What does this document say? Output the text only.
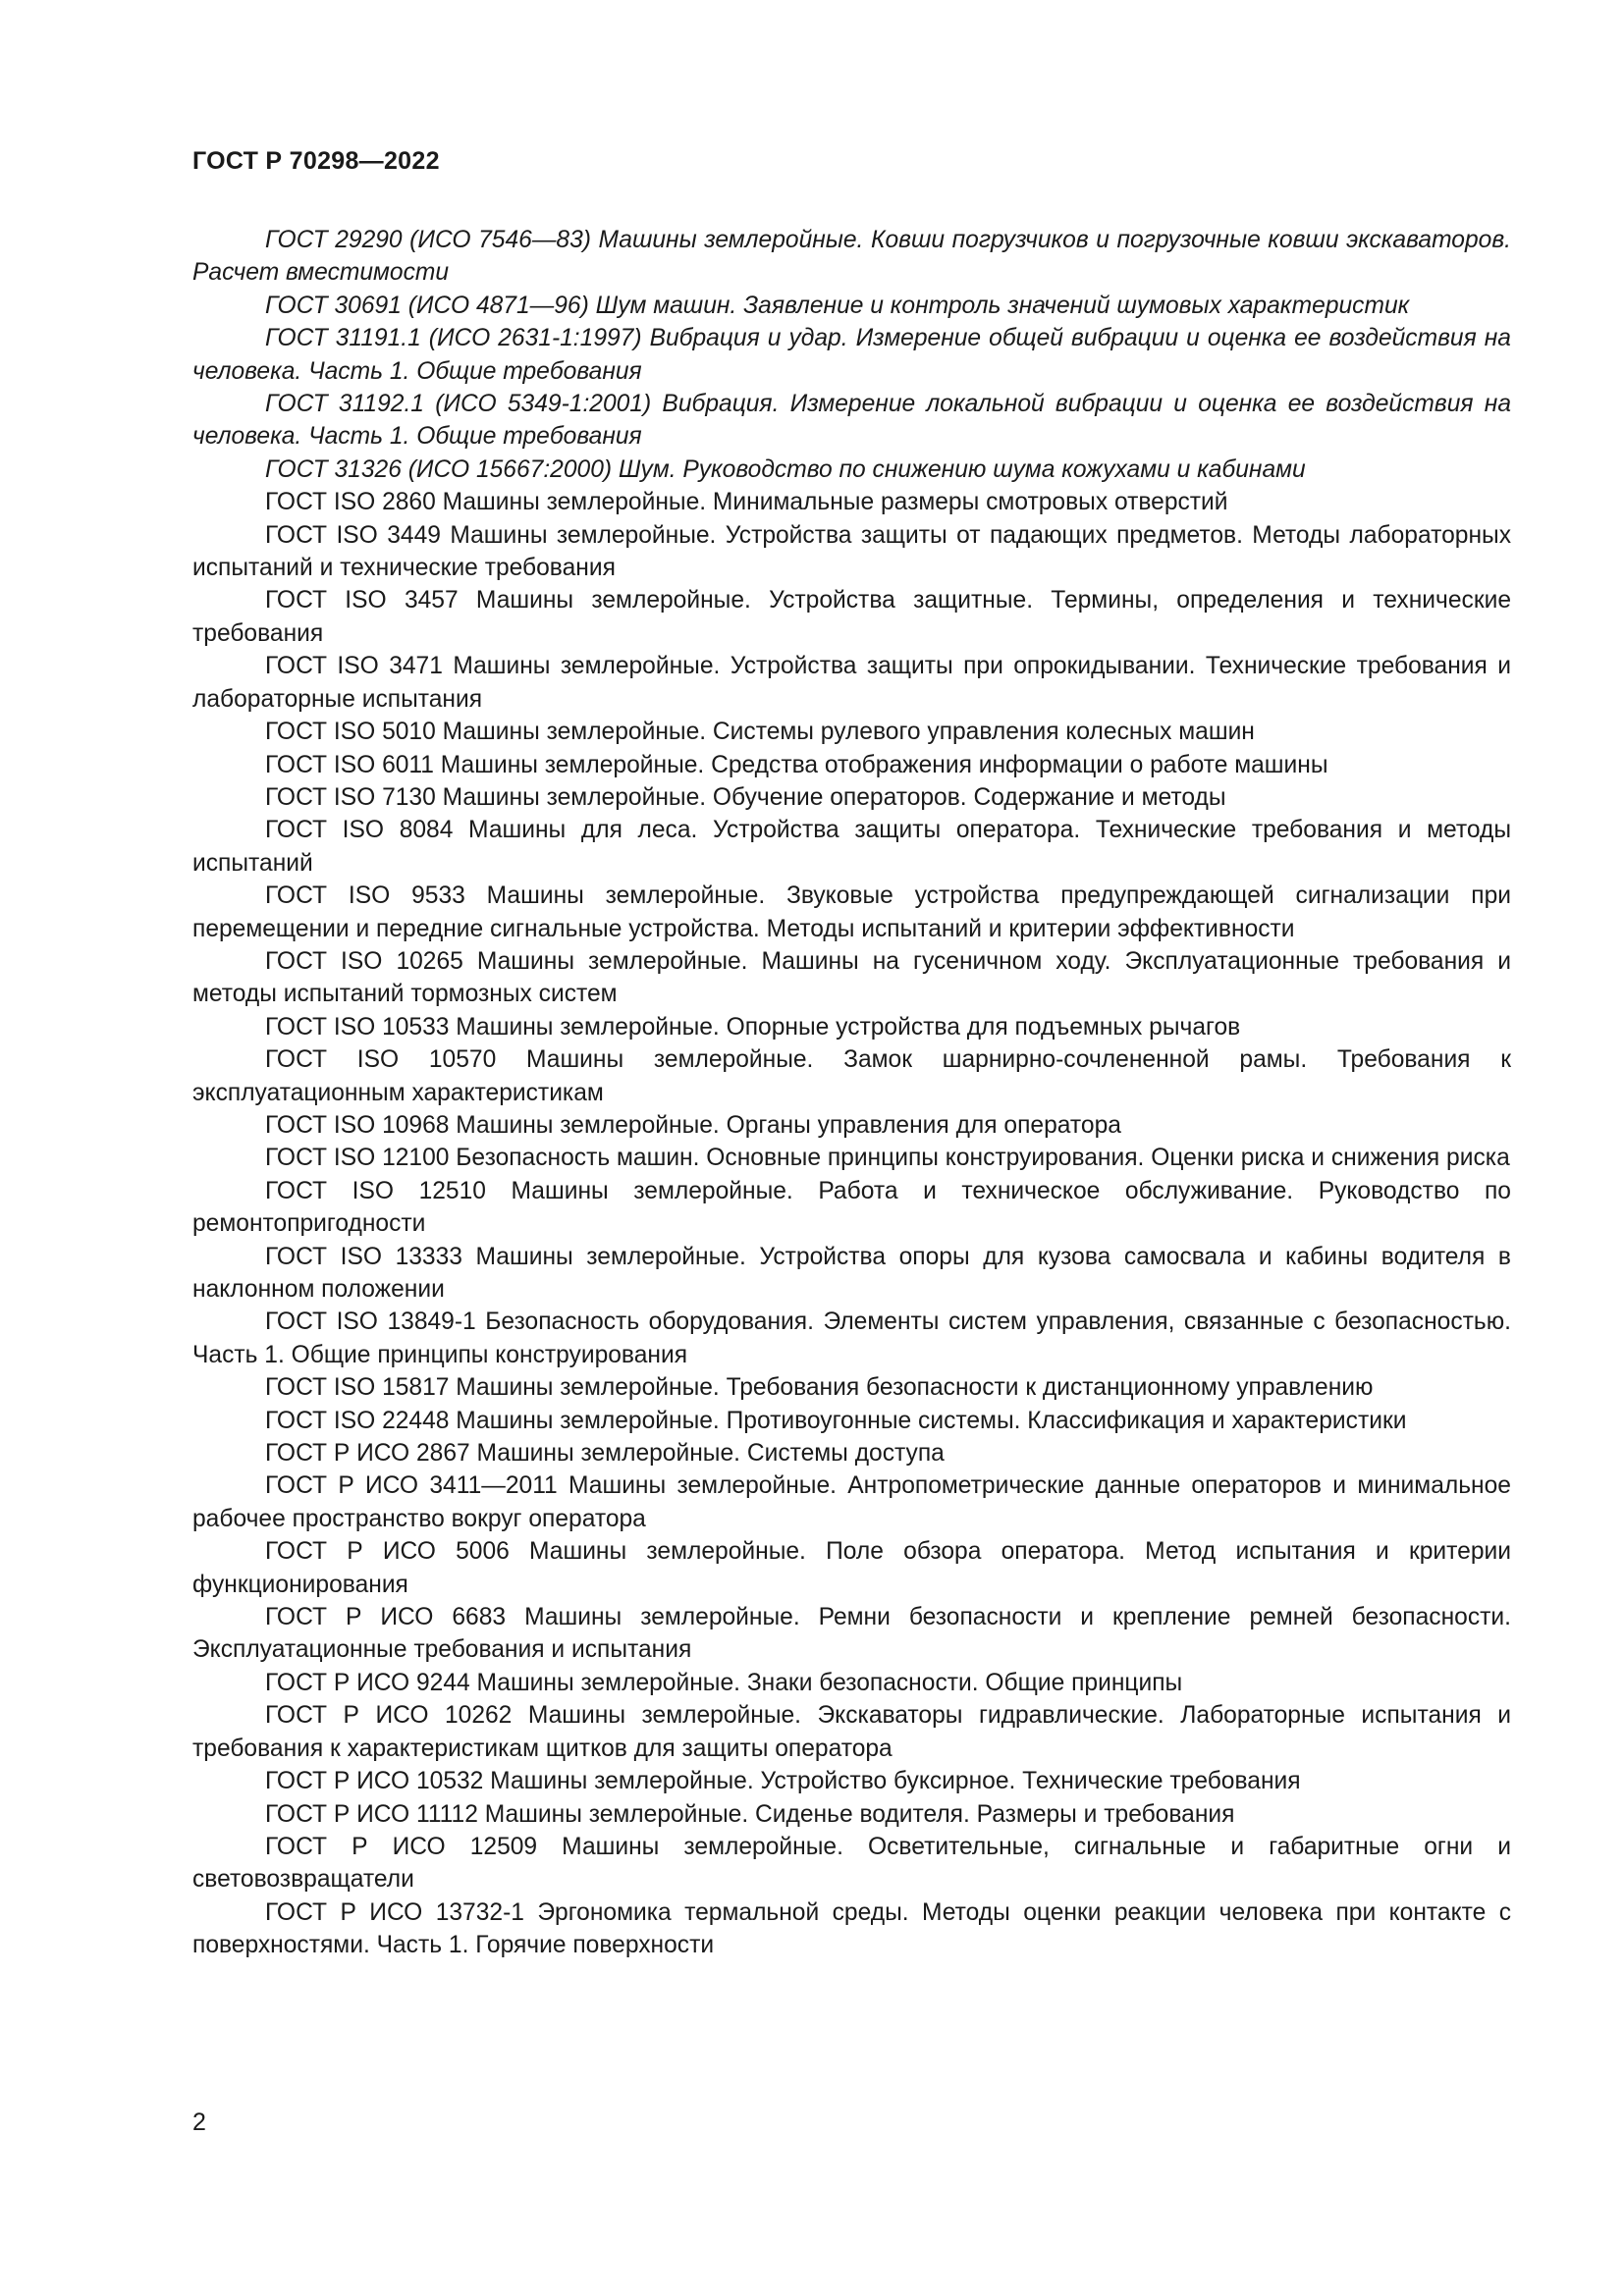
ГОСТ Р 70298—2022

ГОСТ 29290 (ИСО 7546—83) Машины землеройные. Ковши погрузчиков и погрузочные ковши экскаваторов. Расчет вместимости

ГОСТ 30691 (ИСО 4871—96) Шум машин. Заявление и контроль значений шумовых характеристик

ГОСТ 31191.1 (ИСО 2631-1:1997) Вибрация и удар. Измерение общей вибрации и оценка ее воздействия на человека. Часть 1. Общие требования

ГОСТ 31192.1 (ИСО 5349-1:2001) Вибрация. Измерение локальной вибрации и оценка ее воздействия на человека. Часть 1. Общие требования

ГОСТ 31326 (ИСО 15667:2000) Шум. Руководство по снижению шума кожухами и кабинами

ГОСТ ISO 2860 Машины землеройные. Минимальные размеры смотровых отверстий

ГОСТ ISO 3449 Машины землеройные. Устройства защиты от падающих предметов. Методы лабораторных испытаний и технические требования

ГОСТ ISO 3457 Машины землеройные. Устройства защитные. Термины, определения и технические требования

ГОСТ ISO 3471 Машины землеройные. Устройства защиты при опрокидывании. Технические требования и лабораторные испытания

ГОСТ ISO 5010 Машины землеройные. Системы рулевого управления колесных машин

ГОСТ ISO 6011 Машины землеройные. Средства отображения информации о работе машины

ГОСТ ISO 7130 Машины землеройные. Обучение операторов. Содержание и методы

ГОСТ ISO 8084 Машины для леса. Устройства защиты оператора. Технические требования и методы испытаний

ГОСТ ISO 9533 Машины землеройные. Звуковые устройства предупреждающей сигнализации при перемещении и передние сигнальные устройства. Методы испытаний и критерии эффективности

ГОСТ ISO 10265 Машины землеройные. Машины на гусеничном ходу. Эксплуатационные требования и методы испытаний тормозных систем

ГОСТ ISO 10533 Машины землеройные. Опорные устройства для подъемных рычагов

ГОСТ ISO 10570 Машины землеройные. Замок шарнирно-сочлененной рамы. Требования к эксплуатационным характеристикам

ГОСТ ISO 10968 Машины землеройные. Органы управления для оператора

ГОСТ ISO 12100 Безопасность машин. Основные принципы конструирования. Оценки риска и снижения риска

ГОСТ ISO 12510 Машины землеройные. Работа и техническое обслуживание. Руководство по ремонтопригодности

ГОСТ ISO 13333 Машины землеройные. Устройства опоры для кузова самосвала и кабины водителя в наклонном положении

ГОСТ ISO 13849-1 Безопасность оборудования. Элементы систем управления, связанные с безопасностью. Часть 1. Общие принципы конструирования

ГОСТ ISO 15817 Машины землеройные. Требования безопасности к дистанционному управлению

ГОСТ ISO 22448 Машины землеройные. Противоугонные системы. Классификация и характеристики

ГОСТ Р ИСО 2867 Машины землеройные. Системы доступа

ГОСТ Р ИСО 3411—2011 Машины землеройные. Антропометрические данные операторов и минимальное рабочее пространство вокруг оператора

ГОСТ Р ИСО 5006 Машины землеройные. Поле обзора оператора. Метод испытания и критерии функционирования

ГОСТ Р ИСО 6683 Машины землеройные. Ремни безопасности и крепление ремней безопасности. Эксплуатационные требования и испытания

ГОСТ Р ИСО 9244 Машины землеройные. Знаки безопасности. Общие принципы

ГОСТ Р ИСО 10262 Машины землеройные. Экскаваторы гидравлические. Лабораторные испытания и требования к характеристикам щитков для защиты оператора

ГОСТ Р ИСО 10532 Машины землеройные. Устройство буксирное. Технические требования

ГОСТ Р ИСО 11112 Машины землеройные. Сиденье водителя. Размеры и требования

ГОСТ Р ИСО 12509 Машины землеройные. Осветительные, сигнальные и габаритные огни и световозвращатели

ГОСТ Р ИСО 13732-1 Эргономика термальной среды. Методы оценки реакции человека при контакте с поверхностями. Часть 1. Горячие поверхности

2
